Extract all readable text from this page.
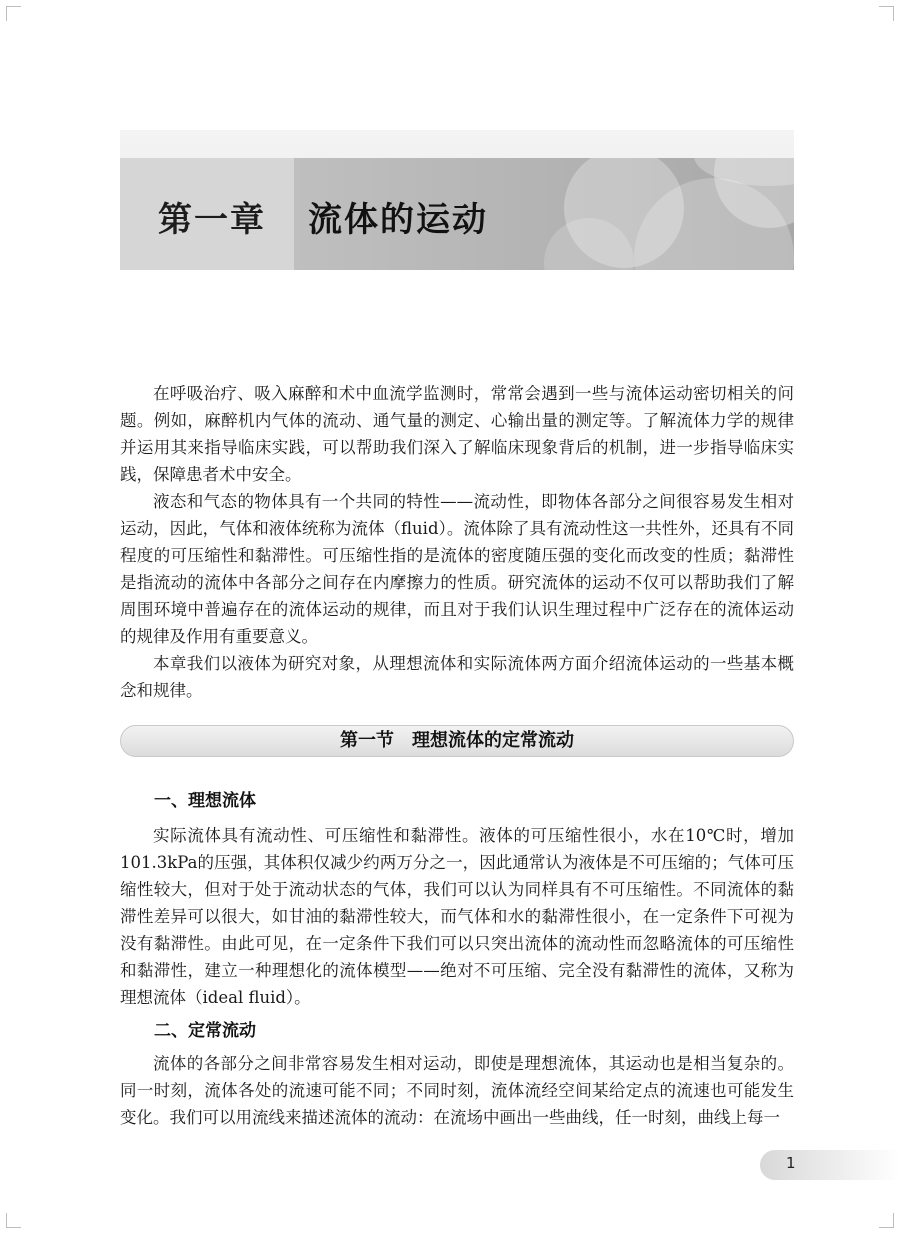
第一章 流体的运动

在呼吸治疗、吸入麻醉和术中血流学监测时，常常会遇到一些与流体运动密切相关的问题。例如，麻醉机内气体的流动、通气量的测定、心输出量的测定等。了解流体力学的规律并运用其来指导临床实践，可以帮助我们深入了解临床现象背后的机制，进一步指导临床实践，保障患者术中安全。

液态和气态的物体具有一个共同的特性——流动性，即物体各部分之间很容易发生相对运动，因此，气体和液体统称为流体（fluid）。流体除了具有流动性这一共性外，还具有不同程度的可压缩性和黏滞性。可压缩性指的是流体的密度随压强的变化而改变的性质；黏滞性是指流动的流体中各部分之间存在内摩擦力的性质。研究流体的运动不仅可以帮助我们了解周围环境中普遍存在的流体运动的规律，而且对于我们认识生理过程中广泛存在的流体运动的规律及作用有重要意义。

本章我们以液体为研究对象，从理想流体和实际流体两方面介绍流体运动的一些基本概念和规律。

第一节　理想流体的定常流动
一、理想流体

实际流体具有流动性、可压缩性和黏滞性。液体的可压缩性很小，水在10℃时，增加101.3kPa的压强，其体积仅减少约两万分之一，因此通常认为液体是不可压缩的；气体可压缩性较大，但对于处于流动状态的气体，我们可以认为同样具有不可压缩性。不同流体的黏滞性差异可以很大，如甘油的黏滞性较大，而气体和水的黏滞性很小，在一定条件下可视为没有黏滞性。由此可见，在一定条件下我们可以只突出流体的流动性而忽略流体的可压缩性和黏滞性，建立一种理想化的流体模型——绝对不可压缩、完全没有黏滞性的流体，又称为理想流体（ideal fluid）。

二、定常流动

流体的各部分之间非常容易发生相对运动，即使是理想流体，其运动也是相当复杂的。同一时刻，流体各处的流速可能不同；不同时刻，流体流经空间某给定点的流速也可能发生变化。我们可以用流线来描述流体的流动：在流场中画出一些曲线，任一时刻，曲线上每一

1
